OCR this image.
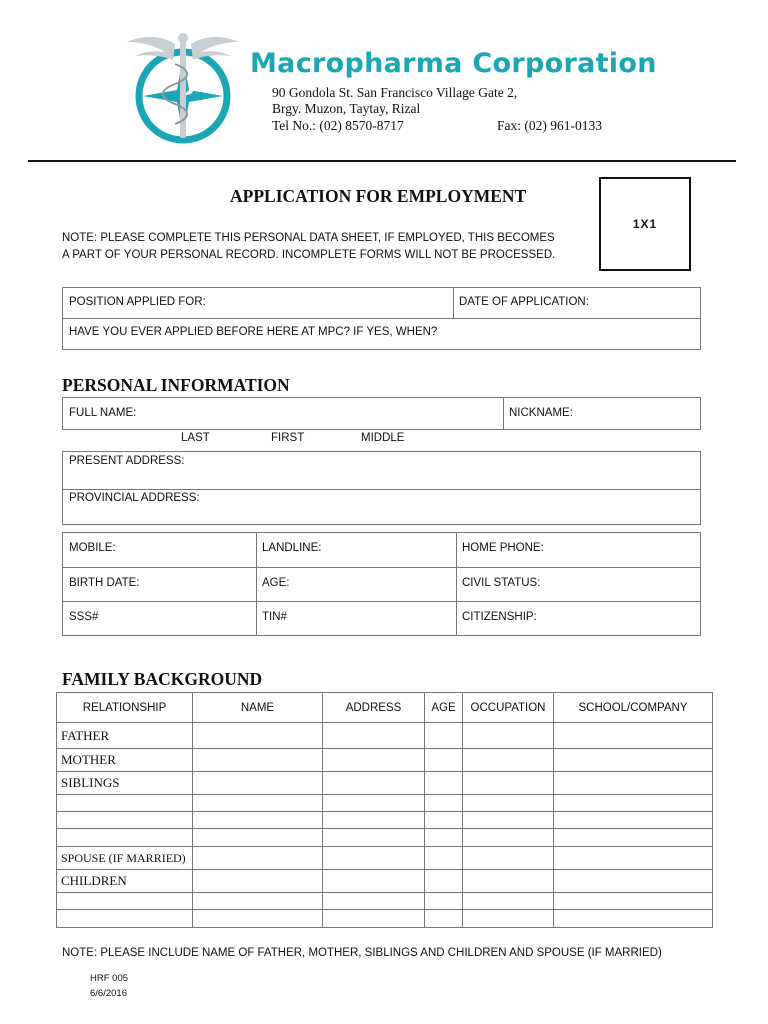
Macropharma Corporation
90 Gondola St. San Francisco Village Gate 2,
Brgy. Muzon, Taytay, Rizal
Tel No.: (02) 8570-8717	Fax: (02) 961-0133
APPLICATION FOR EMPLOYMENT
1X1
NOTE: PLEASE COMPLETE THIS PERSONAL DATA SHEET, IF EMPLOYED, THIS BECOMES
A PART OF YOUR PERSONAL RECORD. INCOMPLETE FORMS WILL NOT BE PROCESSED.
POSITION APPLIED FOR:	DATE OF APPLICATION:
HAVE YOU EVER APPLIED BEFORE HERE AT MPC? IF YES, WHEN?
PERSONAL INFORMATION
FULL NAME:	NICKNAME:
LAST	FIRST	MIDDLE
PRESENT ADDRESS:
PROVINCIAL ADDRESS:
MOBILE:	LANDLINE:	HOME PHONE:
BIRTH DATE:	AGE:	CIVIL STATUS:
SSS#	TIN#	CITIZENSHIP:
FAMILY BACKGROUND
RELATIONSHIP	NAME	ADDRESS	AGE	OCCUPATION	SCHOOL/COMPANY
FATHER					
MOTHER					
SIBLINGS					

SPOUSE (IF MARRIED)					
CHILDREN					

NOTE: PLEASE INCLUDE NAME OF FATHER, MOTHER, SIBLINGS AND CHILDREN AND SPOUSE (IF MARRIED)
HRF 005
6/6/2016
